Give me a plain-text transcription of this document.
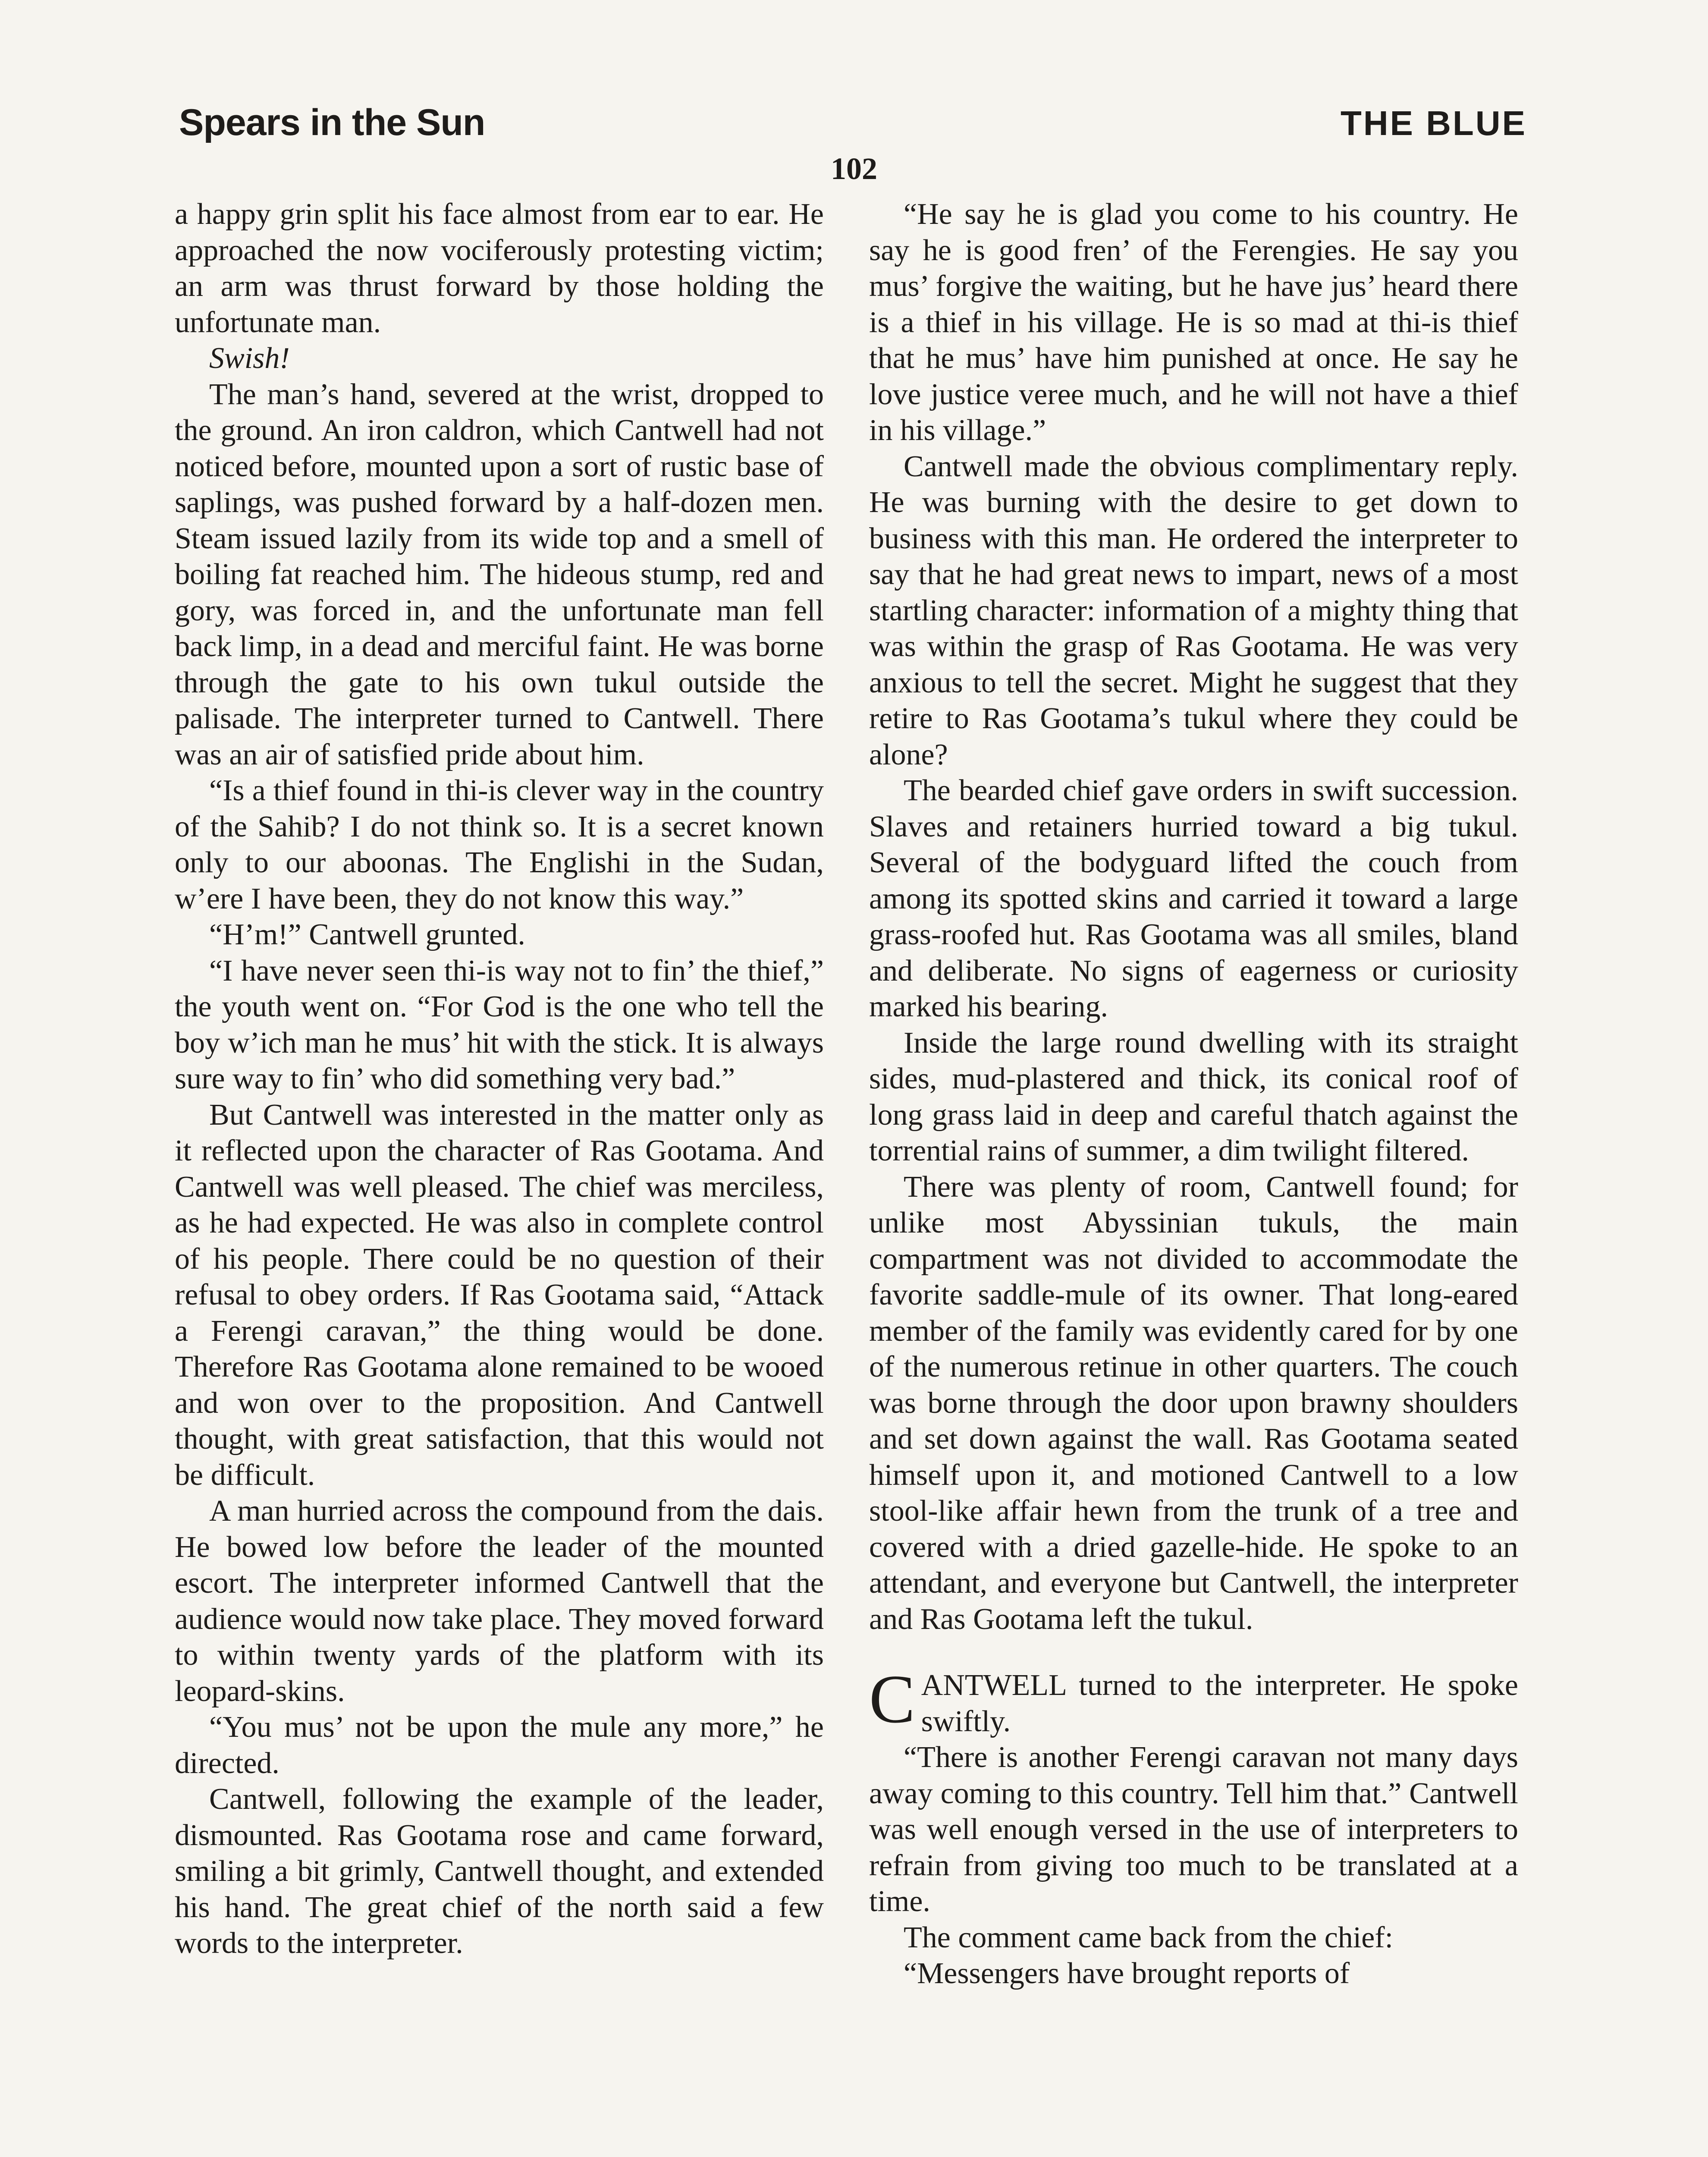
Spears in the Sun	THE BLUE
102

a happy grin split his face almost from ear to ear. He approached the now vociferously protesting victim; an arm was thrust forward by those holding the unfortunate man.

Swish!

The man’s hand, severed at the wrist, dropped to the ground. An iron caldron, which Cantwell had not noticed before, mounted upon a sort of rustic base of saplings, was pushed forward by a half-dozen men. Steam issued lazily from its wide top and a smell of boiling fat reached him. The hideous stump, red and gory, was forced in, and the unfortunate man fell back limp, in a dead and merciful faint. He was borne through the gate to his own tukul outside the palisade. The interpreter turned to Cantwell. There was an air of satisfied pride about him.

“Is a thief found in thi-is clever way in the country of the Sahib? I do not think so. It is a secret known only to our aboonas. The Englishi in the Sudan, w’ere I have been, they do not know this way.”

“H’m!” Cantwell grunted.

“I have never seen thi-is way not to fin’ the thief,” the youth went on. “For God is the one who tell the boy w’ich man he mus’ hit with the stick. It is always sure way to fin’ who did something very bad.”

But Cantwell was interested in the matter only as it reflected upon the character of Ras Gootama. And Cantwell was well pleased. The chief was merciless, as he had expected. He was also in complete control of his people. There could be no question of their refusal to obey orders. If Ras Gootama said, “Attack a Ferengi caravan,” the thing would be done. Therefore Ras Gootama alone remained to be wooed and won over to the proposition. And Cantwell thought, with great satisfaction, that this would not be difficult.

A man hurried across the compound from the dais. He bowed low before the leader of the mounted escort. The interpreter informed Cantwell that the audience would now take place. They moved forward to within twenty yards of the platform with its leopard-skins.

“You mus’ not be upon the mule any more,” he directed.

Cantwell, following the example of the leader, dismounted. Ras Gootama rose and came forward, smiling a bit grimly, Cantwell thought, and extended his hand. The great chief of the north said a few words to the interpreter.

“He say he is glad you come to his country. He say he is good fren’ of the Ferengies. He say you mus’ forgive the waiting, but he have jus’ heard there is a thief in his village. He is so mad at thi-is thief that he mus’ have him punished at once. He say he love justice veree much, and he will not have a thief in his village.”

Cantwell made the obvious complimentary reply. He was burning with the desire to get down to business with this man. He ordered the interpreter to say that he had great news to impart, news of a most startling character: information of a mighty thing that was within the grasp of Ras Gootama. He was very anxious to tell the secret. Might he suggest that they retire to Ras Gootama’s tukul where they could be alone?

The bearded chief gave orders in swift succession. Slaves and retainers hurried toward a big tukul. Several of the bodyguard lifted the couch from among its spotted skins and carried it toward a large grass-roofed hut. Ras Gootama was all smiles, bland and deliberate. No signs of eagerness or curiosity marked his bearing.

Inside the large round dwelling with its straight sides, mud-plastered and thick, its conical roof of long grass laid in deep and careful thatch against the torrential rains of summer, a dim twilight filtered.

There was plenty of room, Cantwell found; for unlike most Abyssinian tukuls, the main compartment was not divided to accommodate the favorite saddle-mule of its owner. That long-eared member of the family was evidently cared for by one of the numerous retinue in other quarters. The couch was borne through the door upon brawny shoulders and set down against the wall. Ras Gootama seated himself upon it, and motioned Cantwell to a low stool-like affair hewn from the trunk of a tree and covered with a dried gazelle-hide. He spoke to an attendant, and everyone but Cantwell, the interpreter and Ras Gootama left the tukul.

CANTWELL turned to the interpreter. He spoke swiftly.

“There is another Ferengi caravan not many days away coming to this country. Tell him that.” Cantwell was well enough versed in the use of interpreters to refrain from giving too much to be translated at a time.

The comment came back from the chief:

“Messengers have brought reports of
